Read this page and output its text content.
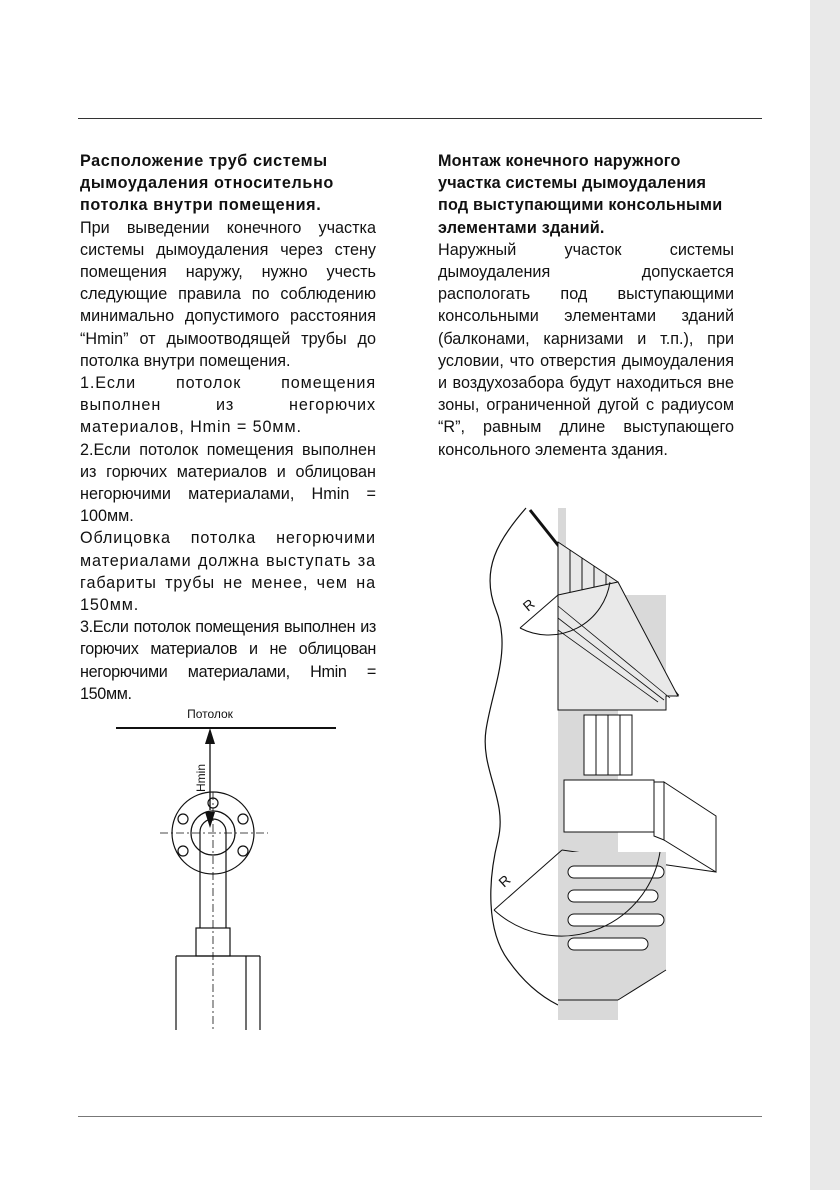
Расположение труб системы дымоудаления относительно потолка внутри помещения.

При выведении конечного участка системы дымоудаления через стену помещения наружу, нужно учесть следующие правила по соблюдению минимально допустимого расстояния “Hmin” от дымоотводящей трубы до потолка внутри помещения.

1.Если потолок помещения выполнен из негорючих материалов, Hmin = 50мм.

2.Если потолок помещения выполнен из горючих материалов и облицован негорючими материалами, Hmin = 100мм.

Облицовка потолка негорючими материалами должна выступать за габариты трубы не менее, чем на 150мм.

3.Если потолок помещения выполнен из горючих материалов и не облицован негорючими материалами, Hmin = 150мм.

Монтаж конечного наружного участка системы дымоудаления под выступающими консольными элементами зданий.

Наружный участок системы дымоудаления допускается распологать под выступающими консольными элементами зданий (балконами, карнизами и т.п.), при условии, что отверстия дымоудаления и воздухозабора будут находиться вне зоны, ограниченной дугой с радиусом “R”, равным длине выступающего консольного элемента здания.

Потолок
Hmin
R
R
